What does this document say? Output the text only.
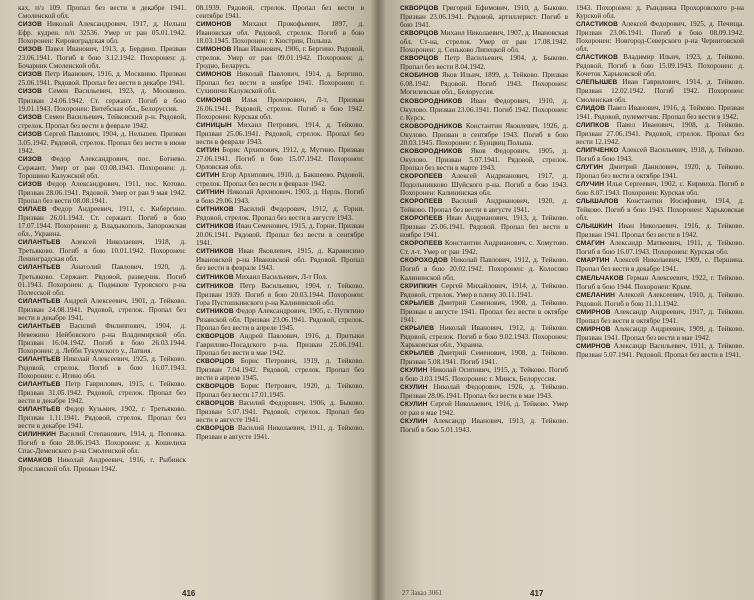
ках, п/з 109. Пропал без вести в декабре 1941. Смоленской обл.

СИЗОВ Николай Александрович, 1917, д. Нелыш Ефр. кудрен. п/п 32536. Умер от ран 05.01.1942. Похоронен: Кировоградская обл.

СИЗОВ Павел Иванович, 1913, д. Бердино. Призван 23.06.1941. Погиб в бою 3.12.1942. Похоронен: д. Бочарник Смоленской обл.

СИЗОВ Петр Иванович, 1916, д. Москвино. Призван 25.06.1941. Рядовой. Пропал без вести в декабре 1941.

СИЗОВ Семен Васильевич, 1923, д. Москвино. Призван 24.06.1942. Ст. сержант. Погиб в бою 19.01.1943. Похоронен: Витебская обл., Белоруссия.

СИЗОВ Семен Васильевич, Тейковский р-н. Рядовой, стрелок. Пропал без вести в феврале 1942.

СИЗОВ Сергей Павлович, 1904, д. Нельшев. Призван 3.05.1942. Рядовой, стрелок. Пропал без вести в июне 1942.

СИЗОВ Федор Александрович, пос. Ботнево. Сержант. Умер от ран 03.08.1943. Похоронен: д. Торошино Калужской обл.

СИЗОВ Федор Александрович, 1911, пос. Котово. Призван 28.06.1941. Рядовой. Умер от ран 9 мая 1942. Пропал без вести 08.08.1941.

СИЛАЕВ Федор Андреевич, 1911, с. Кибергино. Призван 26.01.1943. Ст. сержант. Погиб в бою 17.07.1944. Похоронен: д. Владыкополь, Запорожская обл., Украина.

СИЛАНТЬЕВ Алексей Николаевич, 1918, д. Третьяково. Погиб в бою 10.01.1942. Похоронен: Ленинградская обл.

СИЛАНТЬЕВ Анатолий Павлович, 1920, д. Третьяково. Сержант. Рядовой, разведчик. Погиб 01.1943. Похоронен: д. Подмакие Туровского р-на Полесской обл.

СИЛАНТЬЕВ Андрей Алексеевич, 1901, д. Тейково. Призван 24.08.1941. Рядовой, стрелок. Пропал без вести в декабре 1941.

СИЛАНТЬЕВ Василий Филиппович, 1904, д. Невежино Нейбовского р-на Владимирской обл. Призван 16.04.1942. Погиб в бою 26.03.1944. Похоронен: д. Лебби Тукумского у., Латвия.

СИЛАНТЬЕВ Николай Алексеевич, 1925, д. Тейково. Рядовой, стрелок. Погиб в бою 16.07.1943. Похоронен: с. Игино обл.

СИЛАНТЬЕВ Петр Гаврилович, 1915, с. Тейково. Призван 31.05.1942. Рядовой, стрелок. Пропал без вести в декабре 1942.

СИЛАНТЬЕВ Федор Кузьмич, 1902, г. Третьяково. Призван 1.11.1941. Рядовой, стрелок. Пропал без вести в декабре 1941.

СИЛИНКИН Василий Степанович, 1914, д. Поповка. Погиб в бою 28.06.1943. Похоронен: д. Кошелиха Спас-Деменского р-на Смоленской обл.

СИМАКОВ Николай Андреевич, 1916, г. Рыбинск Ярославской обл. Призван 1942.

08.1939. Рядовой, стрелок. Пропал без вести в сентябре 1941.

СИМОНОВ Михаил Прокофьевич, 1897, д. Ивановская обл. Рядовой, стрелок. Погиб в бою 18.03.1945. Похоронен: г. Кюстрин, Польша.

СИМОНОВ Иван Иванович, 1906, г. Бергино. Рядовой, стрелок. Умер от ран 09.01.1942. Похоронен: д. Гродно, Беларусь.

СИМОНОВ Николай Павлович, 1914, д. Бергино. Пропал без вести в ноябре 1941. Похоронен: г. Сухиничи Калужской обл.

СИМОНОВ Илья Прохорович, Л-т, Призван 26.06.1941. Рядовой, стрелок. Погиб в бою 1942. Похоронен: Курская обл.

СИНИЦЫН Михаил Петрович, 1914, д. Тейково. Призван 25.06.1941. Рядовой, стрелок. Пропал без вести в феврале 1943.

СИТИН Борис Архипович, 1912, д. Мутино. Призван 27.06.1941. Погиб в бою 15.07.1942. Похоронен: Орловская обл.

СИТИН Егор Архипович, 1910, д. Бакшеево. Рядовой, стрелок. Пропал без вести в феврале 1942.

СИТНИН Николай Архипович, 1903, д. Нерль. Погиб в бою 29.06.1943.

СИТНИКОВ Василий Федорович, 1912, д. Горни. Рядовой, стрелок. Пропал без вести в августе 1943.

СИТНИКОВ Иван Семенович, 1915, д. Горни. Призван 20.06.1941. Рядовой. Пропал без вести в сентябре 1941.

СИТНИКОВ Иван Яковлевич, 1915, д. Каравнсино Ивановской р-на Ивановской обл. Рядовой. Пропал без вести в феврале 1943.

СИТНИКОВ Михаил Васильевич, Л-т Пол.

СИТНИКОВ Петр Васильевич, 1904, г. Тейково. Призван 1939. Погиб в бою 20.03.1944. Похоронен: Гора Пустошкинского р-на Калининской обл.

СИТНИКОВ Федор Александрович, 1905, с. Путятино Рязанской обл. Призван 23.06.1941. Рядовой, стрелок. Пропал без вести в апреле 1945.

СКВОРЦОВ Андрей Павлович, 1916, д. Притыки Гаврилово-Посадского р-на. Призван 25.06.1941. Пропал без вести в мае 1942.

СКВОРЦОВ Борис Петрович, 1919, д. Тейково. Призван 7.04.1942. Рядовой, стрелок. Пропал без вести в апреле 1945.

СКВОРЦОВ Борис Петрович, 1920, д. Тейково. Пропал без вести 17.01.1945.

СКВОРЦОВ Василий Федорович, 1906, д. Быково. Призван 5.07.1941. Рядовой, стрелок. Пропал без вести в августе 1941.

СКВОРЦОВ Василий Николаевич, 1911, д. Тейково. Призван в августе 1941.

416

СКВОРЦОВ Григорий Ефимович, 1910, д. Быково. Призван 23.06.1941. Рядовой, артиллерист. Погиб в бою 1941.

СКВОРЦОВ Михаил Николаевич, 1907, д. Ивановская обл. Ст-на, стрелок. Умер от ран 17.08.1942. Похоронен: д. Сеньково Липецкой обл.

СКВОРЦОВ Петр Васильевич, 1904, д. Быково. Пропал без вести 8.04.1942.

СКОБИНОВ Яков Ильич, 1899, д. Тейково. Призван 6.08.1942. Рядовой. Погиб 1943. Похоронен: Могилевская обл., Белоруссия.

СКОВОРОДНИКОВ Иван Федорович, 1910, д. Окулово. Призван 23.06.1941. Погиб 1942. Похоронен: г. Курск.

СКОВОРОДНИКОВ Константин Яковлевич, 1926, д. Окулово. Призван в сентябре 1943. Погиб в бою 20.03.1945. Похоронен: г. Бунцвиц Польша.

СКОВОРОДНИКОВ Яков Федорович, 1905, д. Окулово. Призван 5.07.1941. Рядовой, стрелок. Пропал без вести в марте 1943.

СКОРОПЕЕВ Алексей Андрианович, 1917, д. Подольникково Шуйского р-на. Погиб в бою 1943. Похоронен: Калининская обл.

СКОРОПЕЕВ Василий Андрианович, 1920, д. Тейково. Пропал без вести в августе 1941.

СКОРОПЕЕВ Иван Андрианович, 1913, д. Тейково. Призван 25.06.1941. Рядовой. Пропал без вести в ноябре 1941.

СКОРОПЕЕВ Константин Андрианович, с. Хомутово. Ст. л-т. Умер от ран 1942.

СКОРОХОДОВ Николай Павлович, 1912, д. Тейково. Погиб в бою 20.02.1942. Похоронен: д. Колосово Калининской обл.

СКРИПКИН Сергей Михайлович, 1914, д. Тейково. Рядовой, стрелок. Умер в плену 30.11.1941.

СКРЫЛЕВ Дмитрий Семенович, 1908, д. Тейково. Призван в августе 1941. Пропал без вести в октябре 1941.

СКРЫЛЕВ Николай Иванович, 1912, д. Тейково. Рядовой, стрелок. Погиб в бою 9.02.1943. Похоронен: Харьковская обл., Украина.

СКРЫЛЕВ Дмитрий Семенович, 1908, д. Тейково. Призван 5.08.1941. Погиб 1941.

СКУЛИН Николай Осипович, 1915, д. Тейково. Погиб в бою 3.03.1945. Похоронен: г. Минск, Белоруссия.

СКУЛИН Николай Федорович, 1926, д. Тейково. Призван 28.06.1941. Пропал без вести в мае 1943.

СКУЛИН Сергей Николаевич, 1916, д. Тейково. Умер от ран в мае 1942.

СКУЛИН Александр Иванович, 1913, д. Тейково. Погиб в бою 5.01.1943.

1943. Похоронен: д. Рындинка Прохоровского р-на Курской обл.

СЛАСТИКОВ Алексей Федорович, 1925, д. Печища. Призван 23.06.1941. Погиб в бою 08.09.1942. Похоронен: Новгород-Северского р-на Черниговской обл.

СЛАСТИКОВ Владимир Ильич, 1923, д. Тейково. Рядовой. Погиб в бою 15.09.1943. Похоронен: д. Кочеток Харьковской обл.

СЛЕПЫШЕВ Иван Гаврилович, 1914, д. Тейково. Призван 12.02.1942. Погиб 1942. Похоронен: Смоленская обл.

СЛИДОВ Павел Иванович, 1916, д. Тейково. Призван 1941. Рядовой, пулеметчик. Пропал без вести в 1942.

СЛИПКОВ Павел Иванович, 1908, д. Тейково. Призван 27.06.1941. Рядовой, стрелок. Пропал без вести 12.1942.

СЛИПЧЕНКО Алексей Васильевич, 1918, д. Тейково. Погиб в бою 1943.

СЛУГИН Дмитрий Данилович, 1920, д. Тейково. Пропал без вести в октябре 1941.

СЛУЧИН Илья Сергеевич, 1902, с. Кирмиха. Погиб в бою 8.07.1943. Похоронен: Курская обл.

СЛЫШАЛОВ Константин Иосифович, 1914, д. Тейково. Погиб в бою 1943. Похоронен: Харьковская обл.

СЛЫШКИН Иван Николаевич, 1916, д. Тейково. Призван 1941. Пропал без вести в 1942.

СМАГИН Александр Матвеевич, 1911, д. Тейково. Погиб в бою 16.07.1943. Похоронен: Курская обл.

СМАРТИН Алексей Николаевич, 1909, с. Першина. Пропал без вести в декабре 1941.

СМЕЛЬЧАКОВ Герман Алексеевич, 1922, г. Тейково. Погиб в бою 1944. Похоронен: Крым.

СМЕЛАНИН Алексей Алексеевич, 1910, д. Тейково. Рядовой. Погиб в бою 11.11.1942.

СМИРНОВ Александр Андреевич, 1917, д. Тейково. Пропал без вести в октябре 1941.

СМИРНОВ Александр Андреевич, 1909, д. Тейково. Призван 1941. Пропал без вести в мае 1942.

СМИРНОВ Александр Васильевич, 1911, д. Тейково. Призван 5.07.1941. Рядовой. Пропал без вести в 1941.

27 Заказ 3061	417
